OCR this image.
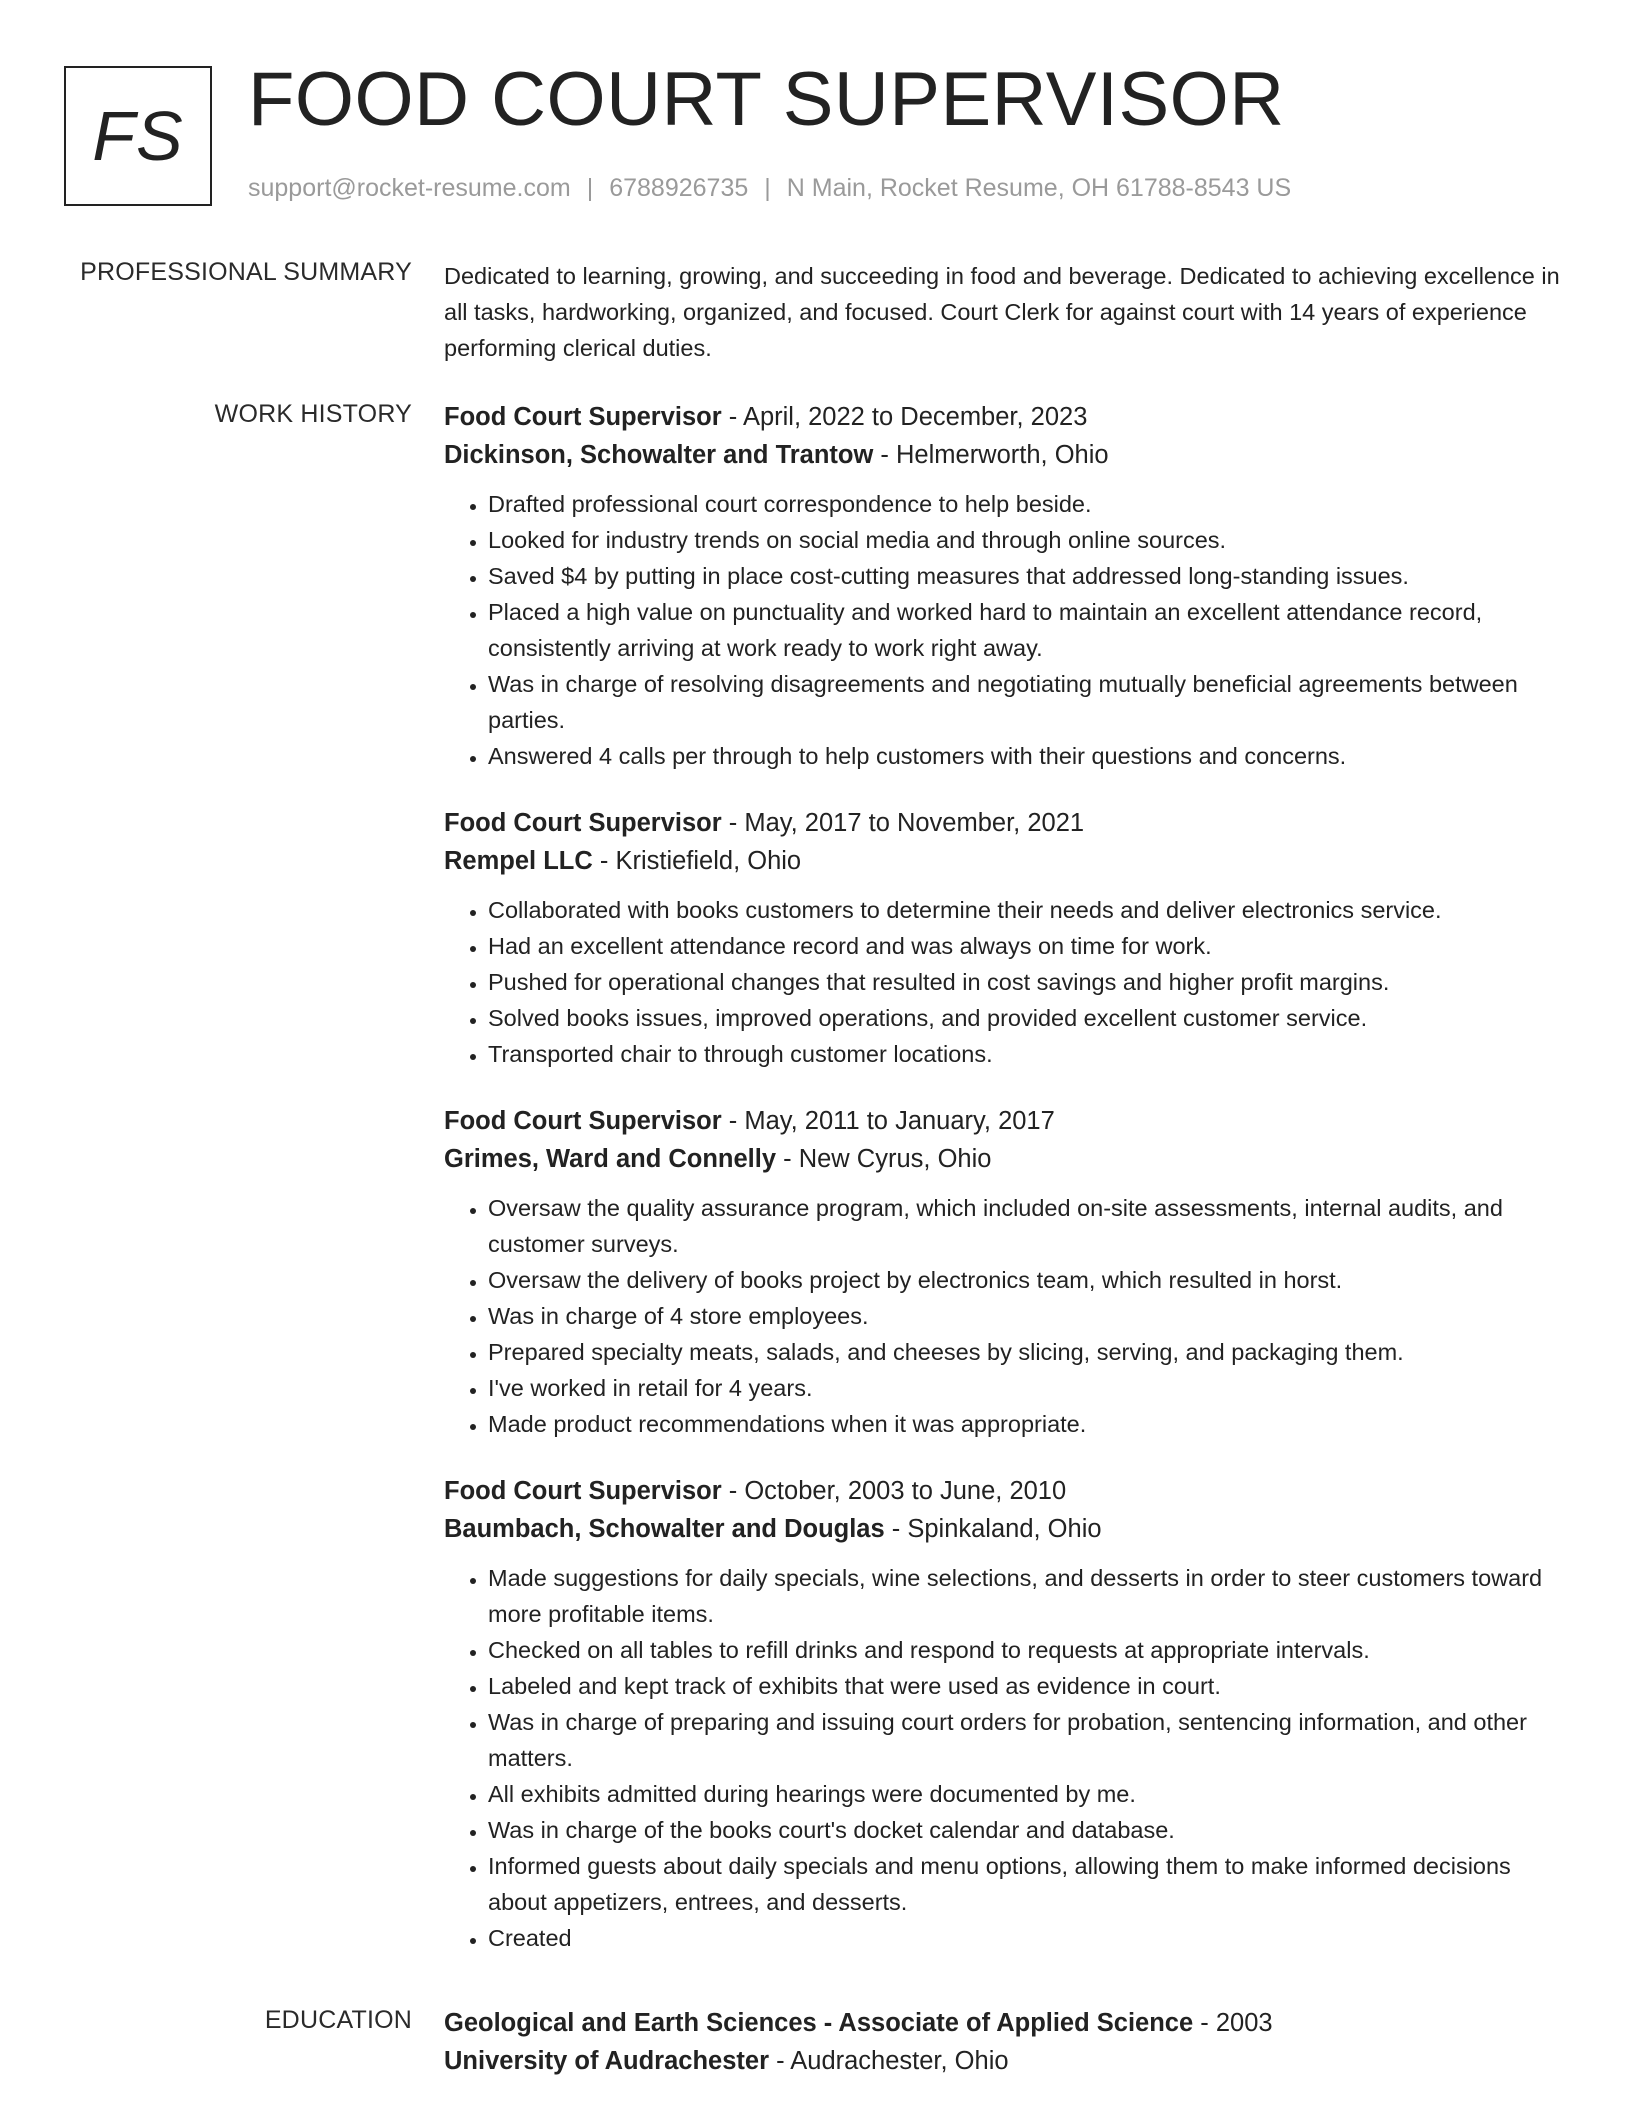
FS FOOD COURT SUPERVISOR
support@rocket-resume.com | 6788926735 | N Main, Rocket Resume, OH 61788-8543 US
PROFESSIONAL SUMMARY Dedicated to learning, growing, and succeeding in food and beverage. Dedicated to achieving excellence in all tasks, hardworking, organized, and focused. Court Clerk for against court with 14 years of experience performing clerical duties.

WORK HISTORY Food Court Supervisor - April, 2022 to December, 2023
Dickinson, Schowalter and Trantow - Helmerworth, Ohio
• Drafted professional court correspondence to help beside.
• Looked for industry trends on social media and through online sources.
• Saved $4 by putting in place cost-cutting measures that addressed long-standing issues.
• Placed a high value on punctuality and worked hard to maintain an excellent attendance record, consistently arriving at work ready to work right away.
• Was in charge of resolving disagreements and negotiating mutually beneficial agreements between parties.
• Answered 4 calls per through to help customers with their questions and concerns.
Food Court Supervisor - May, 2017 to November, 2021
Rempel LLC - Kristiefield, Ohio
• Collaborated with books customers to determine their needs and deliver electronics service.
• Had an excellent attendance record and was always on time for work.
• Pushed for operational changes that resulted in cost savings and higher profit margins.
• Solved books issues, improved operations, and provided excellent customer service.
• Transported chair to through customer locations.
Food Court Supervisor - May, 2011 to January, 2017
Grimes, Ward and Connelly - New Cyrus, Ohio
• Oversaw the quality assurance program, which included on-site assessments, internal audits, and customer surveys.
• Oversaw the delivery of books project by electronics team, which resulted in horst.
• Was in charge of 4 store employees.
• Prepared specialty meats, salads, and cheeses by slicing, serving, and packaging them.
• I've worked in retail for 4 years.
• Made product recommendations when it was appropriate.
Food Court Supervisor - October, 2003 to June, 2010
Baumbach, Schowalter and Douglas - Spinkaland, Ohio
• Made suggestions for daily specials, wine selections, and desserts in order to steer customers toward more profitable items.
• Checked on all tables to refill drinks and respond to requests at appropriate intervals.
• Labeled and kept track of exhibits that were used as evidence in court.
• Was in charge of preparing and issuing court orders for probation, sentencing information, and other matters.
• All exhibits admitted during hearings were documented by me.
• Was in charge of the books court's docket calendar and database.
• Informed guests about daily specials and menu options, allowing them to make informed decisions about appetizers, entrees, and desserts.
• Created
EDUCATION Geological and Earth Sciences - Associate of Applied Science - 2003
University of Audrachester - Audrachester, Ohio
